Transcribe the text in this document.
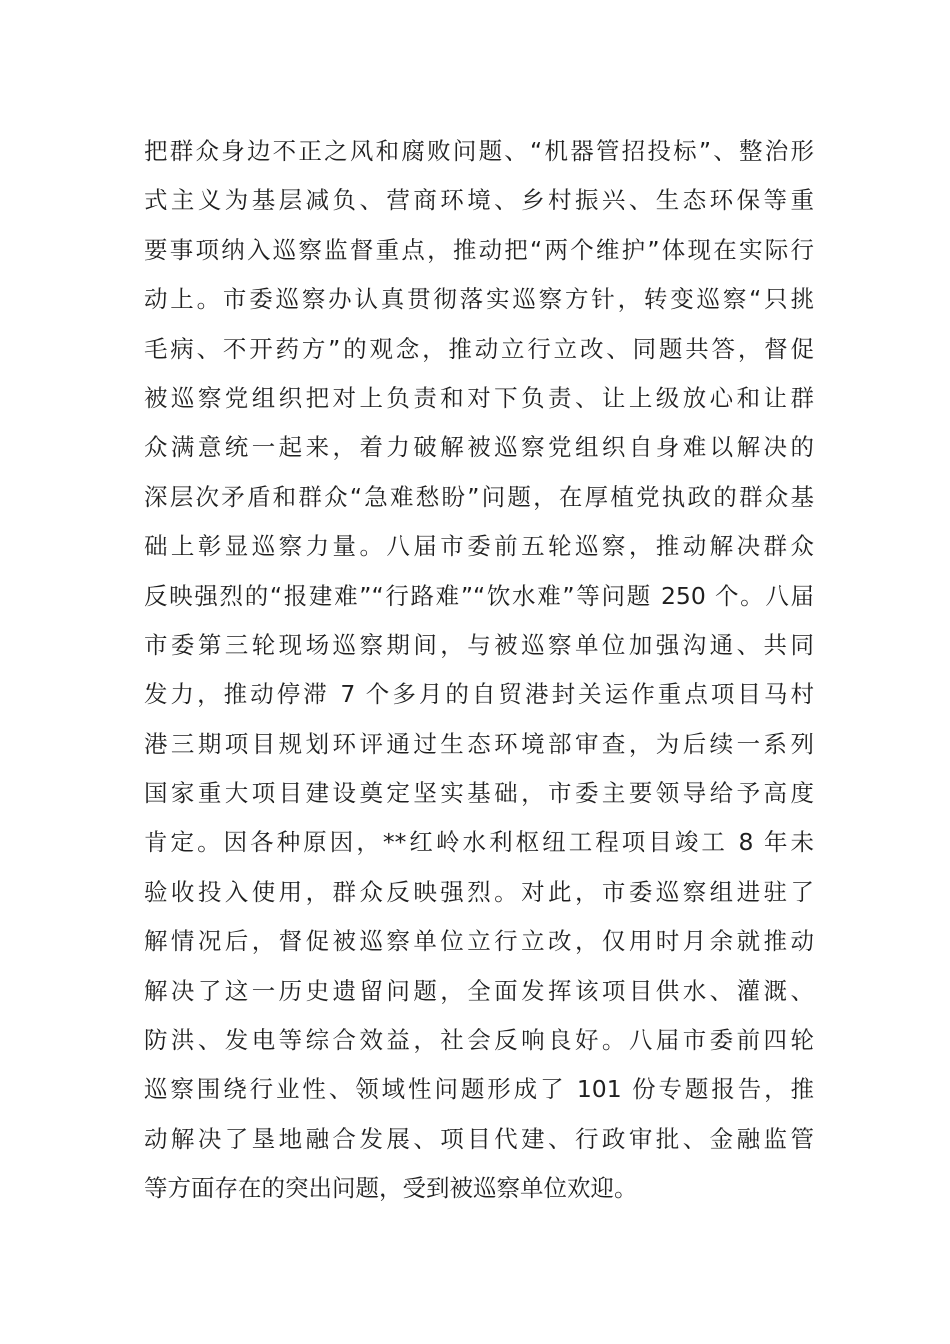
把群众身边不正之风和腐败问题、“机器管招投标”、整治形
式主义为基层减负、营商环境、乡村振兴、生态环保等重
要事项纳入巡察监督重点，推动把“两个维护”体现在实际行
动上。市委巡察办认真贯彻落实巡察方针，转变巡察“只挑
毛病、不开药方”的观念，推动立行立改、同题共答，督促
被巡察党组织把对上负责和对下负责、让上级放心和让群
众满意统一起来，着力破解被巡察党组织自身难以解决的
深层次矛盾和群众“急难愁盼”问题，在厚植党执政的群众基
础上彰显巡察力量。八届市委前五轮巡察，推动解决群众
反映强烈的“报建难”“行路难”“饮水难”等问题 250 个。八届
市委第三轮现场巡察期间，与被巡察单位加强沟通、共同
发力，推动停滞 7 个多月的自贸港封关运作重点项目马村
港三期项目规划环评通过生态环境部审查，为后续一系列
国家重大项目建设奠定坚实基础，市委主要领导给予高度
肯定。因各种原因，**红岭水利枢纽工程项目竣工 8 年未
验收投入使用，群众反映强烈。对此，市委巡察组进驻了
解情况后，督促被巡察单位立行立改，仅用时月余就推动
解决了这一历史遗留问题，全面发挥该项目供水、灌溉、
防洪、发电等综合效益，社会反响良好。八届市委前四轮
巡察围绕行业性、领域性问题形成了 101 份专题报告，推
动解决了垦地融合发展、项目代建、行政审批、金融监管
等方面存在的突出问题，受到被巡察单位欢迎。
